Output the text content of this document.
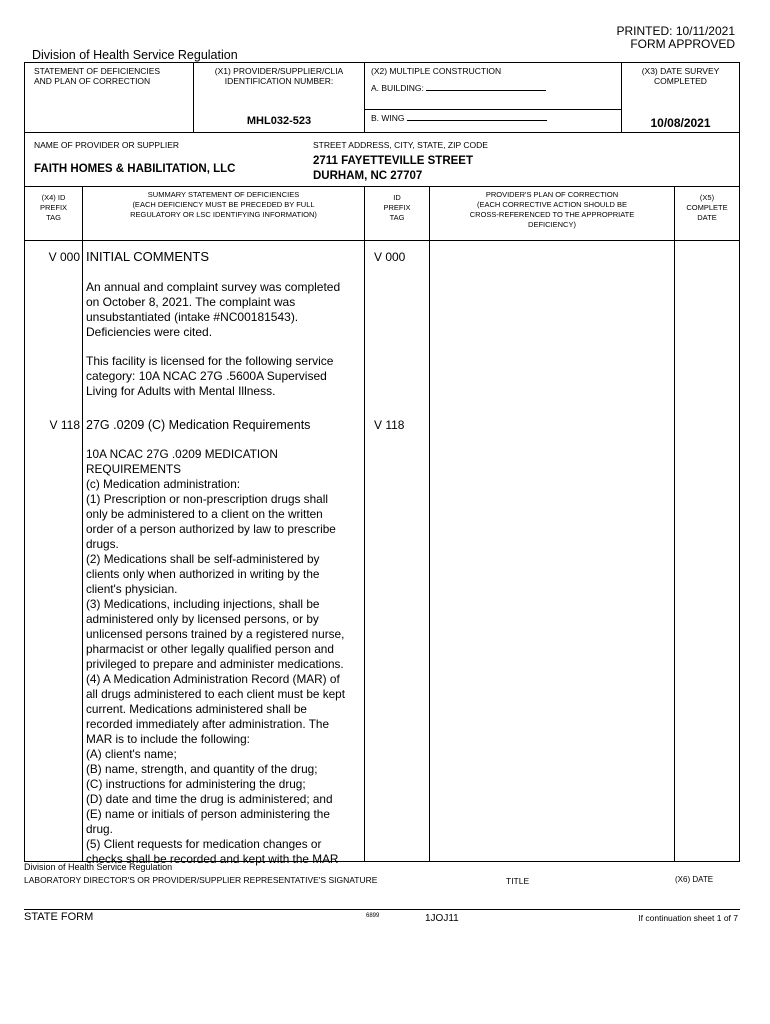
PRINTED: 10/11/2021
FORM APPROVED
Division of Health Service Regulation
STATEMENT OF DEFICIENCIES
AND PLAN OF CORRECTION
(X1) PROVIDER/SUPPLIER/CLIA
IDENTIFICATION NUMBER:
MHL032-523
(X2) MULTIPLE CONSTRUCTION
A. BUILDING:
B. WING
(X3) DATE SURVEY
COMPLETED
10/08/2021
NAME OF PROVIDER OR SUPPLIER
FAITH HOMES & HABILITATION, LLC
STREET ADDRESS, CITY, STATE, ZIP CODE
2711 FAYETTEVILLE STREET
DURHAM, NC 27707
(X4) ID
PREFIX
TAG
SUMMARY STATEMENT OF DEFICIENCIES
(EACH DEFICIENCY MUST BE PRECEDED BY FULL
REGULATORY OR LSC IDENTIFYING INFORMATION)
ID
PREFIX
TAG
PROVIDER'S PLAN OF CORRECTION
(EACH CORRECTIVE ACTION SHOULD BE
CROSS-REFERENCED TO THE APPROPRIATE
DEFICIENCY)
(X5)
COMPLETE
DATE
V 000 INITIAL COMMENTS	V 000
An annual and complaint survey was completed
on October 8, 2021. The complaint was
unsubstantiated (intake #NC00181543).
Deficiencies were cited.
This facility is licensed for the following service
category: 10A NCAC 27G .5600A Supervised
Living for Adults with Mental Illness.
V 118 27G .0209 (C) Medication Requirements	V 118
10A NCAC 27G .0209 MEDICATION
REQUIREMENTS
(c) Medication administration:
(1) Prescription or non-prescription drugs shall
only be administered to a client on the written
order of a person authorized by law to prescribe
drugs.
(2) Medications shall be self-administered by
clients only when authorized in writing by the
client's physician.
(3) Medications, including injections, shall be
administered only by licensed persons, or by
unlicensed persons trained by a registered nurse,
pharmacist or other legally qualified person and
privileged to prepare and administer medications.
(4) A Medication Administration Record (MAR) of
all drugs administered to each client must be kept
current. Medications administered shall be
recorded immediately after administration. The
MAR is to include the following:
(A) client's name;
(B) name, strength, and quantity of the drug;
(C) instructions for administering the drug;
(D) date and time the drug is administered; and
(E) name or initials of person administering the
drug.
(5) Client requests for medication changes or
checks shall be recorded and kept with the MAR
Division of Health Service Regulation
LABORATORY DIRECTOR'S OR PROVIDER/SUPPLIER REPRESENTATIVE'S SIGNATURE	TITLE	(X6) DATE
STATE FORM	6899	1JOJ11	If continuation sheet 1 of 7
